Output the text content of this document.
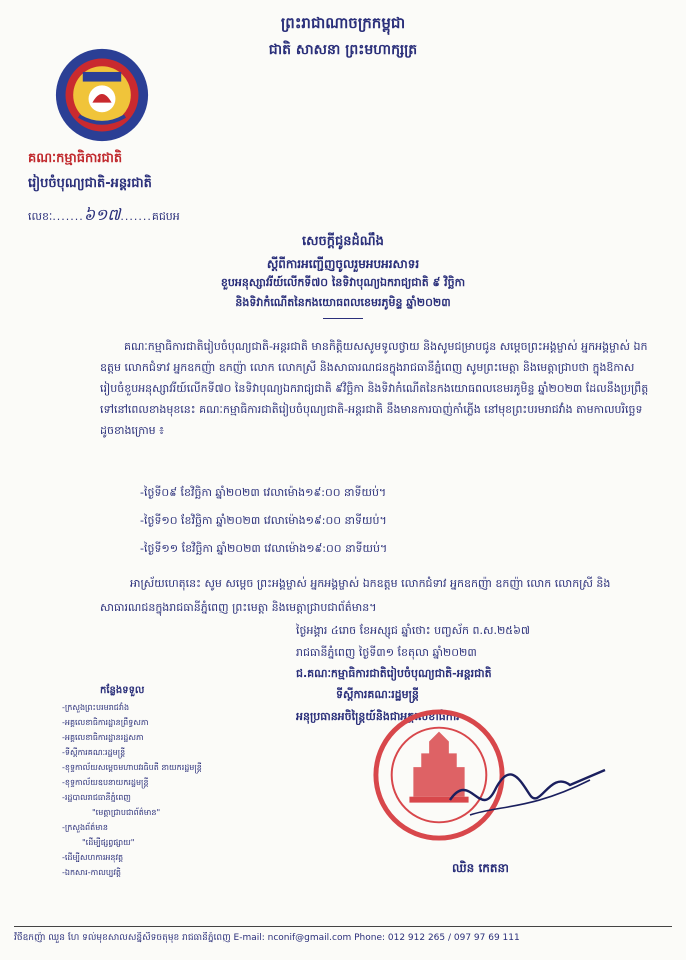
ព្រះរាជាណាចក្រកម្ពុជា
ជាតិ សាសនា ព្រះមហាក្សត្រ
គណៈកម្មាធិការជាតិ
រៀបចំបុណ្យជាតិ-អន្តរជាតិ
លេខៈ.......៦១៧.......គជបអ
សេចក្តីជូនដំណឹង
ស្តីពីការអញ្ជើញចូលរួមអបអរសាទរ
ខួបអនុស្សាវរីយ៍លើកទី៧០ នៃទិវាបុណ្យឯករាជ្យជាតិ ៩ វិច្ឆិកា
និងទិវាកំណើតនៃកងយោធពលខេមរភូមិន្ទ ឆ្នាំ២០២៣
គណៈកម្មាធិការជាតិរៀបចំបុណ្យជាតិ-អន្តរជាតិ មានកិត្តិយសសូមទូលថ្វាយ និងសូមជម្រាបជូន សម្តេចព្រះអង្គម្ចាស់ អ្នកអង្គម្ចាស់ ឯកឧត្តម លោកជំទាវ អ្នកឧកញ៉ា ឧកញ៉ា លោក លោកស្រី និងសាធារណជនក្នុងរាជធានីភ្នំពេញ សូមព្រះមេត្តា និងមេត្តាជ្រាបថា ក្នុងឱកាសរៀបចំខួបអនុស្សាវរីយ៍លើកទី៧០ នៃទិវាបុណ្យឯករាជ្យជាតិ ៩វិច្ឆិកា និងទិវាកំណើតនៃកងយោធពលខេមរភូមិន្ទ ឆ្នាំ២០២៣ ដែលនឹងប្រព្រឹត្តទៅនៅពេលខាងមុខនេះ គណៈកម្មាធិការជាតិរៀបចំបុណ្យជាតិ-អន្តរជាតិ នឹងមានការបាញ់កាំភ្លើង នៅមុខព្រះបរមរាជវាំង តាមកាលបរិច្ឆេទដូចខាងក្រោម ៖
-ថ្ងៃទី០៩ ខែវិច្ឆិកា ឆ្នាំ២០២៣ វេលាម៉ោង១៩:០០ នាទីយប់។
-ថ្ងៃទី១០ ខែវិច្ឆិកា ឆ្នាំ២០២៣ វេលាម៉ោង១៩:០០ នាទីយប់។
-ថ្ងៃទី១១ ខែវិច្ឆិកា ឆ្នាំ២០២៣ វេលាម៉ោង១៩:០០ នាទីយប់។
អាស្រ័យហេតុនេះ សូម សម្តេច ព្រះអង្គម្ចាស់ អ្នកអង្គម្ចាស់ ឯកឧត្តម លោកជំទាវ អ្នកឧកញ៉ា ឧកញ៉ា លោក លោកស្រី និងសាធារណជនក្នុងរាជធានីភ្នំពេញ ព្រះមេត្តា និងមេត្តាជ្រាបជាព័ត៌មាន។
ថ្ងៃអង្គារ ៤រោច ខែអស្សុជ ឆ្នាំថោះ បញ្ចស័ក ព.ស.២៥៦៧
រាជធានីភ្នំពេញ ថ្ងៃទី៣១ ខែតុលា ឆ្នាំ២០២៣
ជ.គណៈកម្មាធិការជាតិរៀបចំបុណ្យជាតិ-អន្តរជាតិ
ទីស្តីការគណៈរដ្ឋមន្ត្រី
អនុប្រធានអចិន្ត្រៃយ៍និងជាអគ្គលេខាធិការ
ឈិន កេតនា
កន្លែងទទួល
-ក្រសួងព្រះបរមរាជវាំង
-អគ្គលេខាធិការដ្ឋានព្រឹទ្ធសភា
-អគ្គលេខាធិការដ្ឋានរដ្ឋសភា
-ទីស្តីការគណៈរដ្ឋមន្ត្រី
-ខុទ្ទកាល័យសម្តេចមហាបវរធិបតី នាយករដ្ឋមន្ត្រី
-ខុទ្ទកាល័យឧបនាយករដ្ឋមន្ត្រី
-រដ្ឋបាលរាជធានីភ្នំពេញ
"មេត្តាជ្រាបជាព័ត៌មាន"
-ក្រសួងព័ត៌មាន
"ដើម្បីផ្សព្វផ្សាយ"
-ដើម្បីសហការអនុវត្ត
-ឯកសារ-កាលប្បវត្តិ
វិថីឧកញ៉ា ឈួន ហែ ទល់មុខសាលសន្និសីទចតុមុខ រាជធានីភ្នំពេញ E-mail: nconif@gmail.com Phone: 012 912 265 / 097 97 69 111
